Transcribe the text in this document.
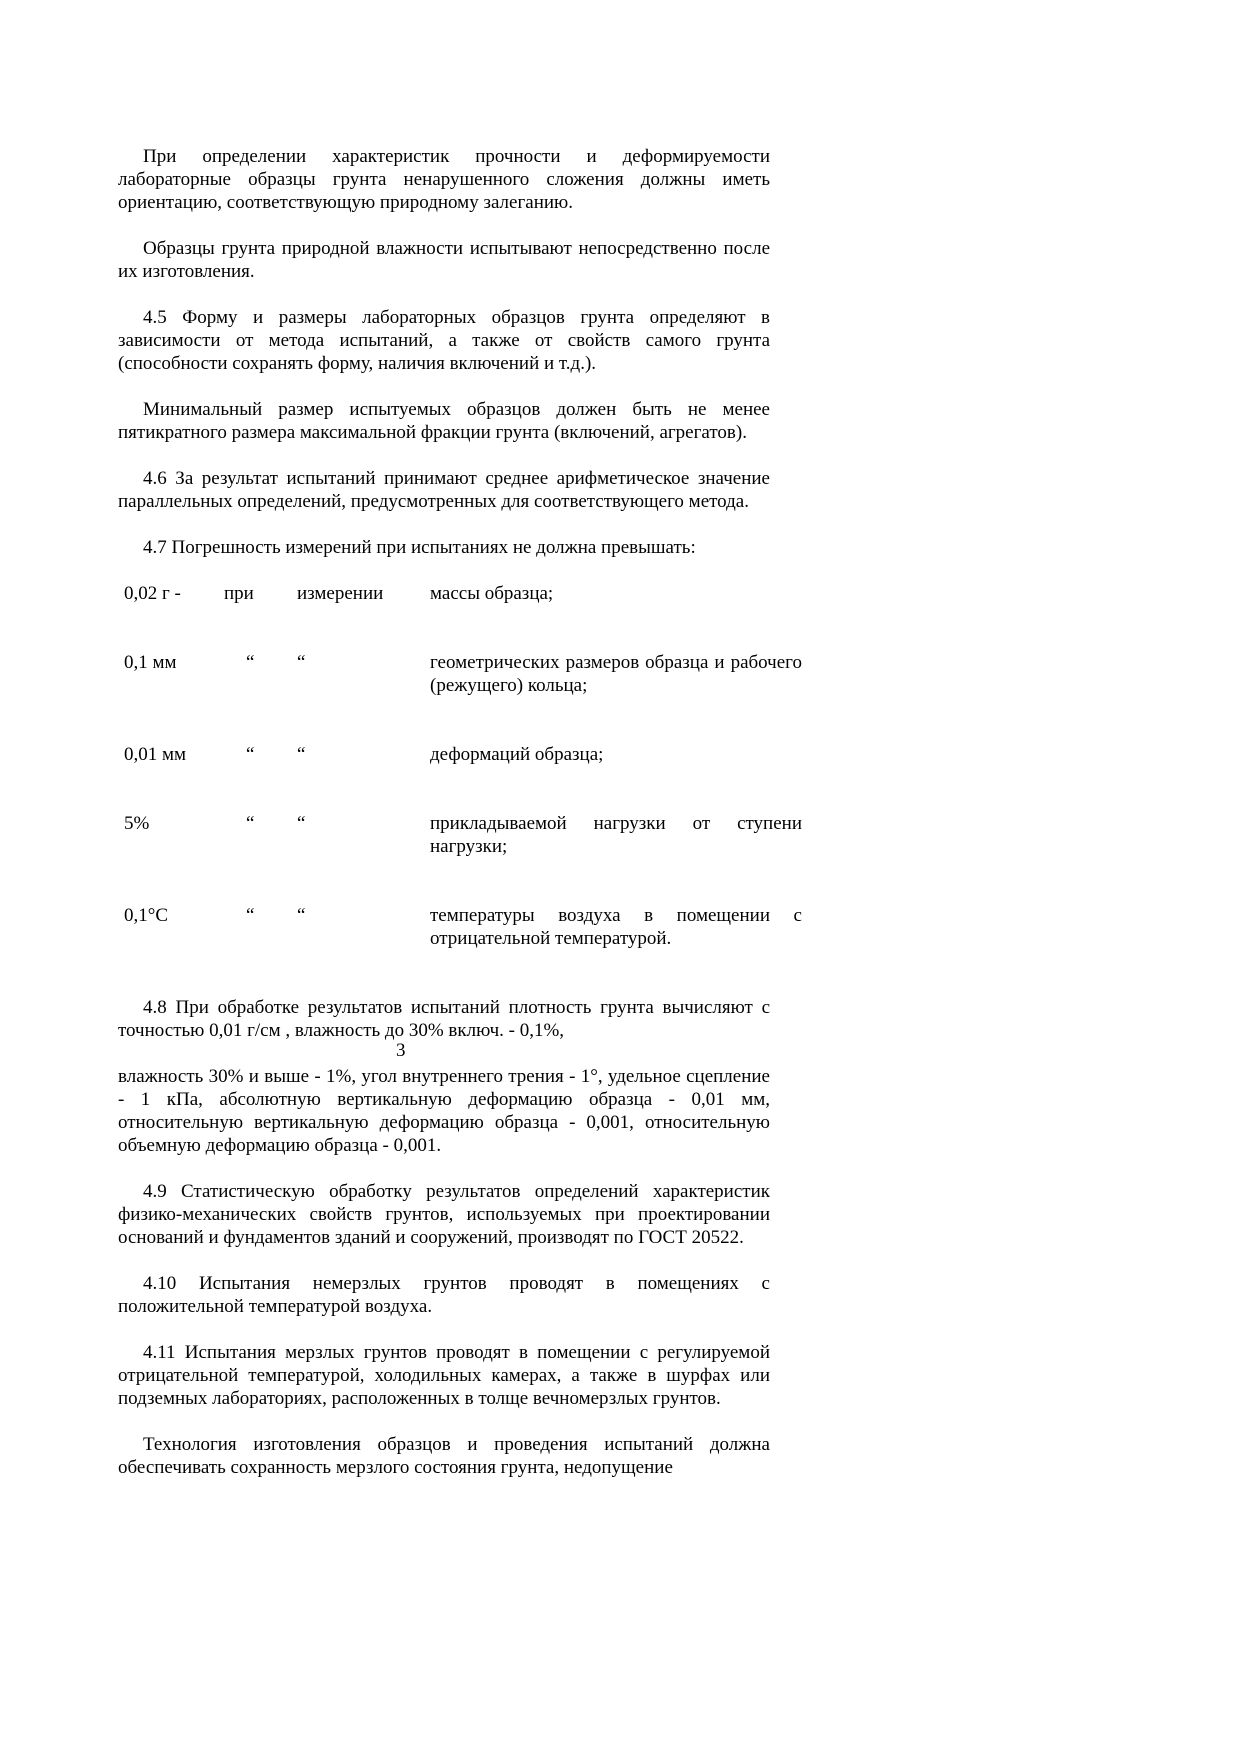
При определении характеристик прочности и деформируемости лабораторные образцы грунта ненарушенного сложения должны иметь ориентацию, соответствующую природному залеганию.

Образцы грунта природной влажности испытывают непосредственно после их изготовления.

4.5 Форму и размеры лабораторных образцов грунта определяют в зависимости от метода испытаний, а также от свойств самого грунта (способности сохранять форму, наличия включений и т.д.).

Минимальный размер испытуемых образцов должен быть не менее пятикратного размера максимальной фракции грунта (включений, агрегатов).

4.6 За результат испытаний принимают среднее арифметическое значение параллельных определений, предусмотренных для соответствующего метода.

4.7 Погрешность измерений при испытаниях не должна превышать:

0,02 г -	при	измерении	массы образца;

0,1 мм	“	“	геометрических размеров образца и рабочего (режущего) кольца;

0,01 мм	“	“	деформаций образца;

5%	“	“	прикладываемой нагрузки от ступени нагрузки;

0,1°С	“	“	температуры воздуха в помещении с отрицательной температурой.

4.8 При обработке результатов испытаний плотность грунта вычисляют с точностью 0,01 г/см , влажность до 30% включ. - 0,1%,

3

влажность 30% и выше - 1%, угол внутреннего трения - 1°, удельное сцепление - 1 кПа, абсолютную вертикальную деформацию образца - 0,01 мм, относительную вертикальную деформацию образца - 0,001, относительную объемную деформацию образца - 0,001.

4.9 Статистическую обработку результатов определений характеристик физико-механических свойств грунтов, используемых при проектировании оснований и фундаментов зданий и сооружений, производят по ГОСТ 20522.

4.10 Испытания немерзлых грунтов проводят в помещениях с положительной температурой воздуха.

4.11 Испытания мерзлых грунтов проводят в помещении с регулируемой отрицательной температурой, холодильных камерах, а также в шурфах или подземных лабораториях, расположенных в толще вечномерзлых грунтов.

Технология изготовления образцов и проведения испытаний должна обеспечивать сохранность мерзлого состояния грунта, недопущение
